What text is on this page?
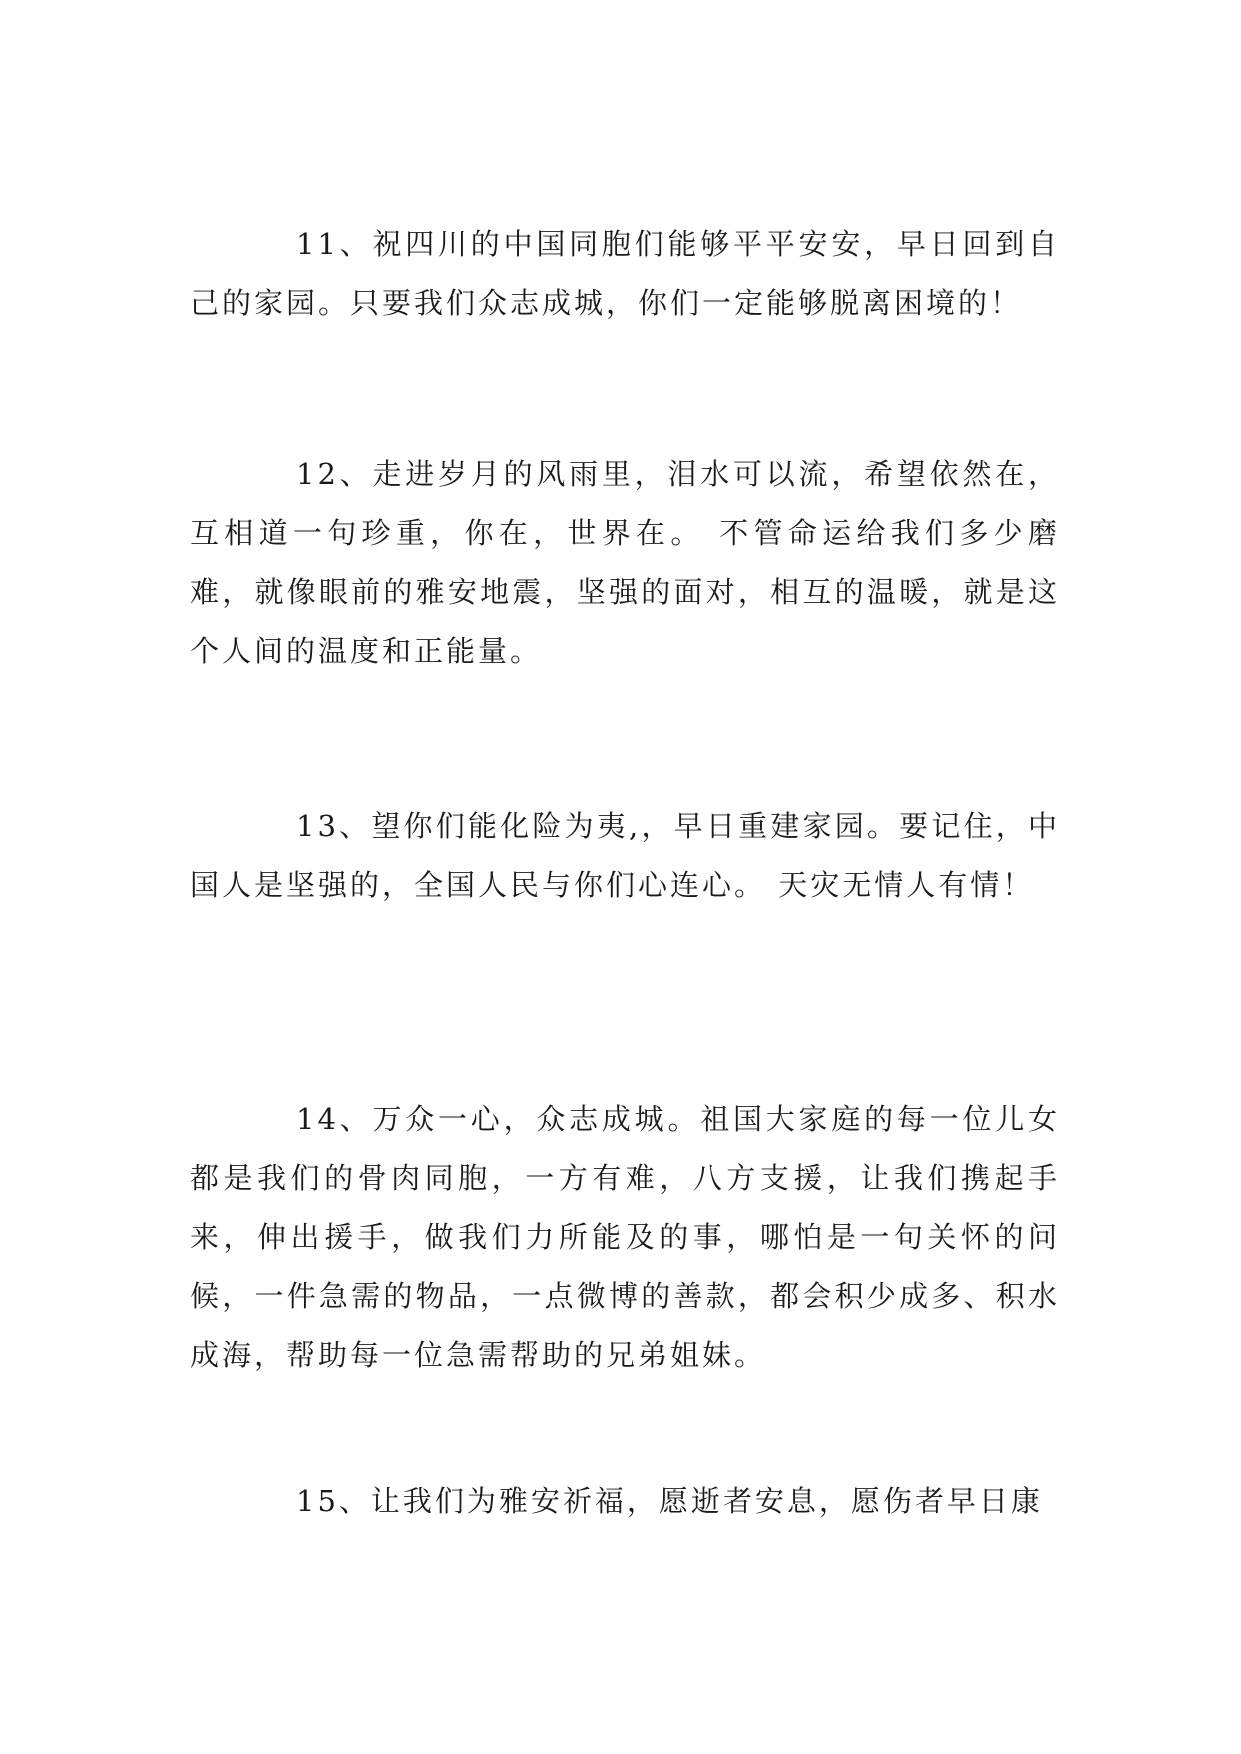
11、祝四川的中国同胞们能够平平安安，早日回到自己的家园。只要我们众志成城，你们一定能够脱离困境的！

12、走进岁月的风雨里，泪水可以流，希望依然在，互相道一句珍重，你在，世界在。 不管命运给我们多少磨难，就像眼前的雅安地震，坚强的面对，相互的温暖，就是这个人间的温度和正能量。

13、望你们能化险为夷,，早日重建家园。要记住，中国人是坚强的，全国人民与你们心连心。 天灾无情人有情！

14、万众一心，众志成城。祖国大家庭的每一位儿女都是我们的骨肉同胞，一方有难，八方支援，让我们携起手来，伸出援手，做我们力所能及的事，哪怕是一句关怀的问候，一件急需的物品，一点微博的善款，都会积少成多、积水成海，帮助每一位急需帮助的兄弟姐妹。

15、让我们为雅安祈福，愿逝者安息，愿伤者早日康
